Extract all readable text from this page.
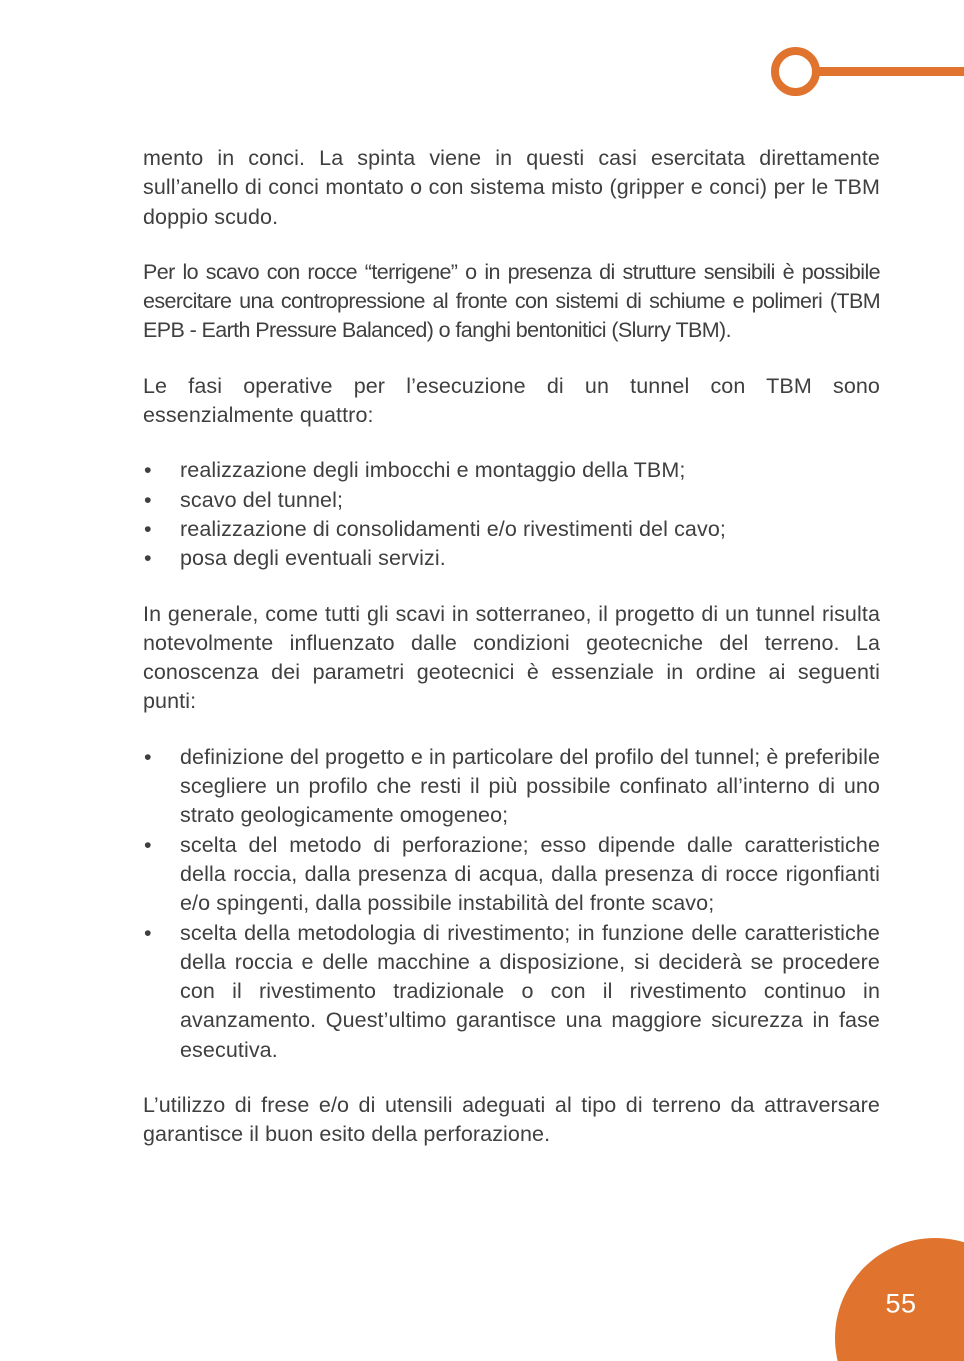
mento in conci. La spinta viene in questi casi esercitata direttamente sull’anello di conci montato o con sistema misto (gripper e conci) per le TBM doppio scudo.

Per lo scavo con rocce “terrigene” o in presenza di strutture sensibili è possibile esercitare una contropressione al fronte con sistemi di schiume e polimeri (TBM EPB - Earth Pressure Balanced) o fanghi bentonitici (Slurry TBM).

Le fasi operative per l’esecuzione di un tunnel con TBM sono essenzialmente quattro:

• realizzazione degli imbocchi e montaggio della TBM;
• scavo del tunnel;
• realizzazione di consolidamenti e/o rivestimenti del cavo;
• posa degli eventuali servizi.

In generale, come tutti gli scavi in sotterraneo, il progetto di un tunnel risulta notevolmente influenzato dalle condizioni geotecniche del terreno. La conoscenza dei parametri geotecnici è essenziale in ordine ai seguenti punti:

• definizione del progetto e in particolare del profilo del tunnel; è preferibile scegliere un profilo che resti il più possibile confinato all’interno di uno strato geologicamente omogeneo;
• scelta del metodo di perforazione; esso dipende dalle caratteristiche della roccia, dalla presenza di acqua, dalla presenza di rocce rigonfianti e/o spingenti, dalla possibile instabilità del fronte scavo;
• scelta della metodologia di rivestimento; in funzione delle caratteristiche della roccia e delle macchine a disposizione, si deciderà se procedere con il rivestimento tradizionale o con il rivestimento continuo in avanzamento. Quest’ultimo garantisce una maggiore sicurezza in fase esecutiva.

L’utilizzo di frese e/o di utensili adeguati al tipo di terreno da attraversare garantisce il buon esito della perforazione.

55
